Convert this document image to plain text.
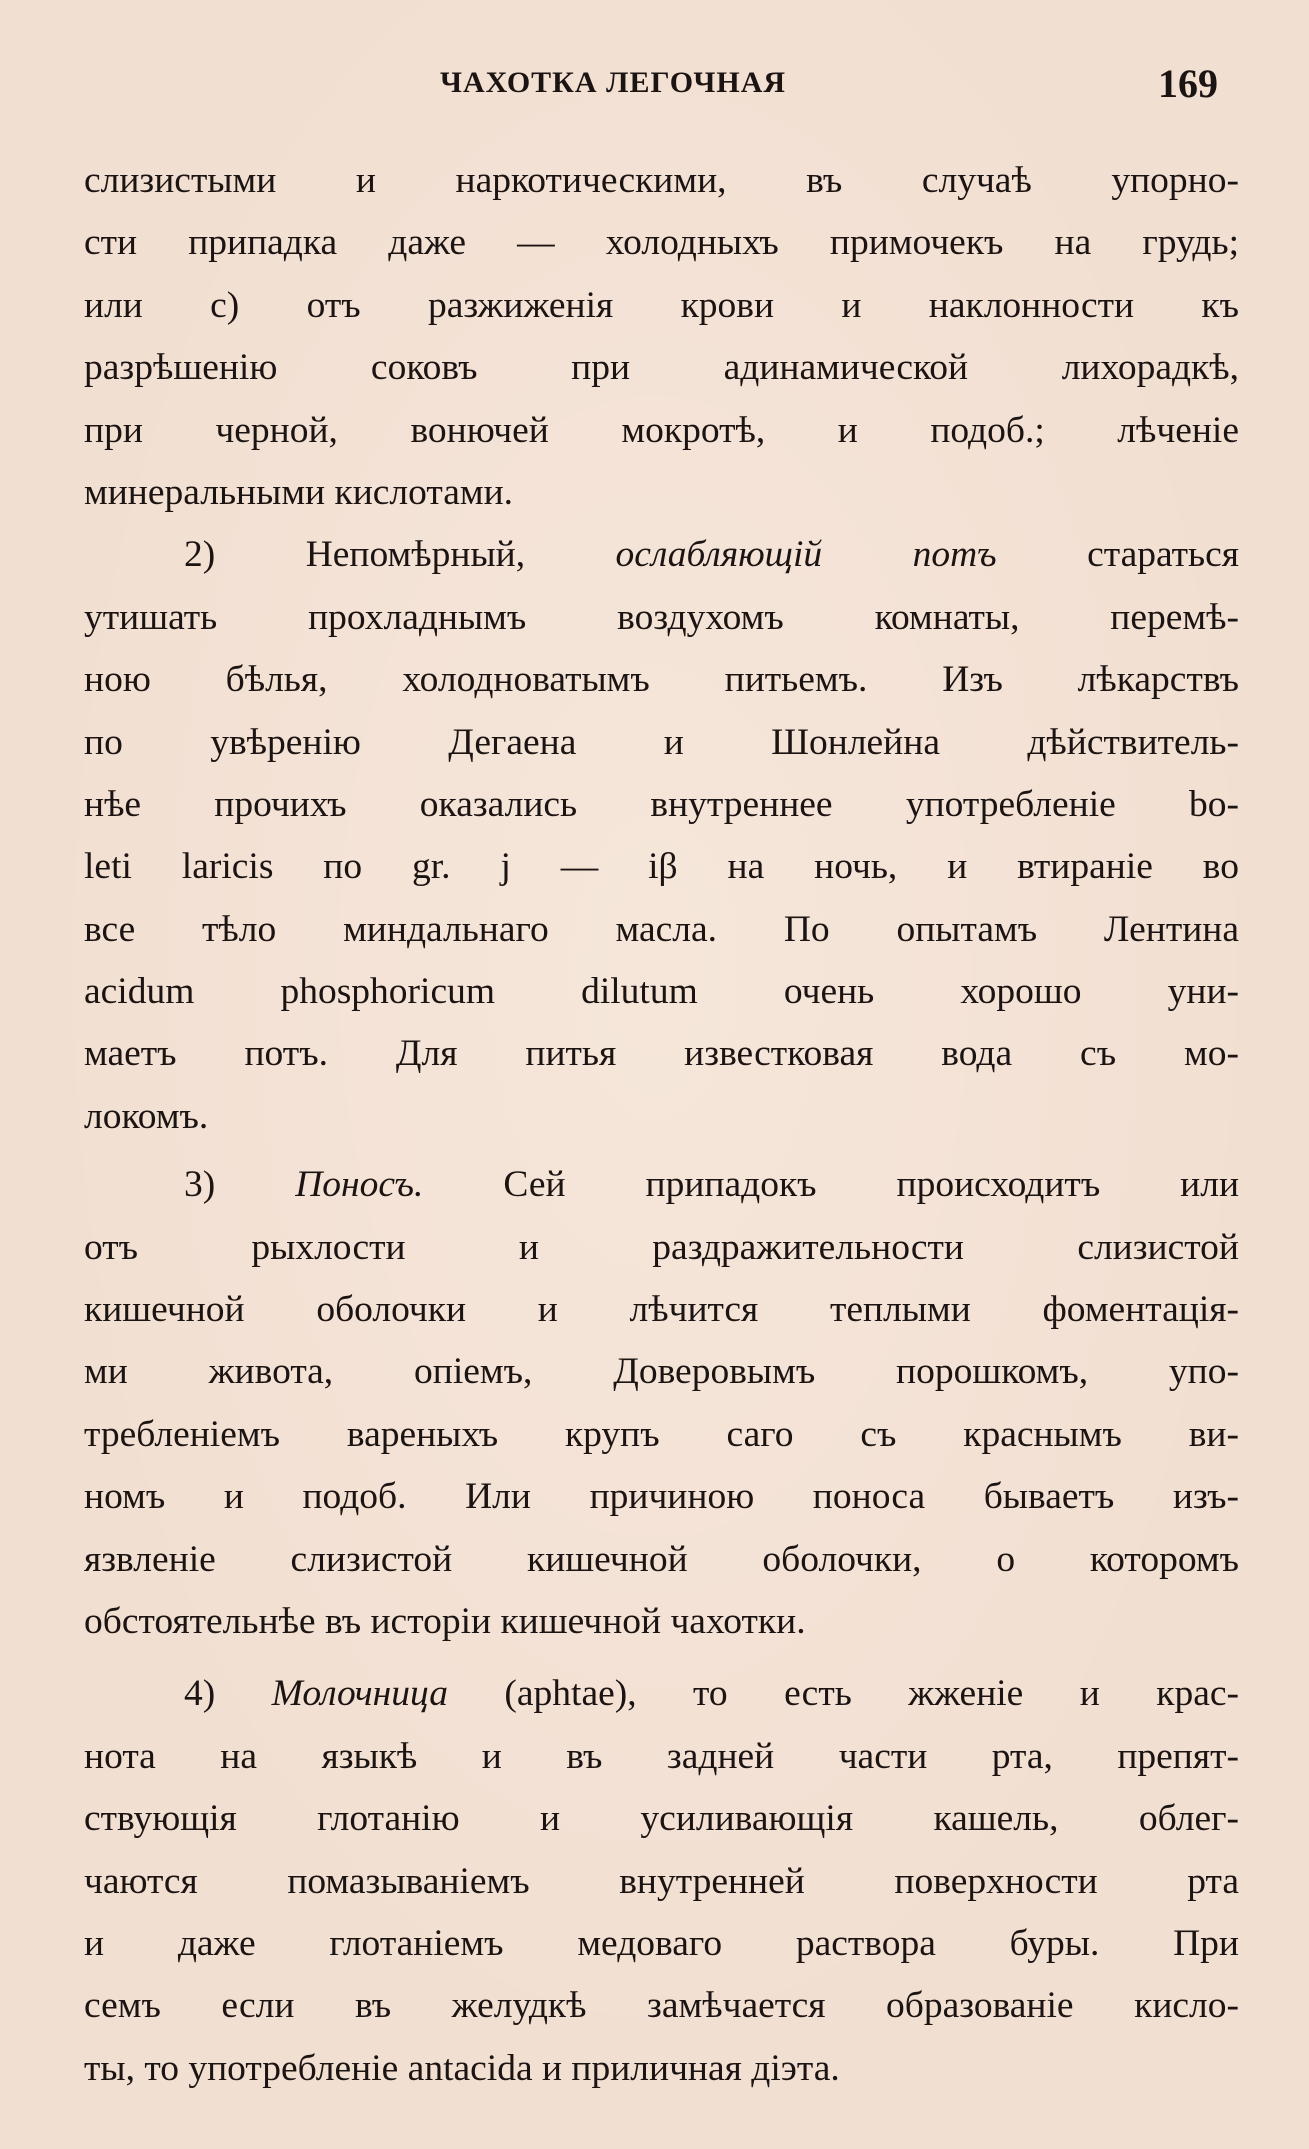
ЧАХОТКА ЛЕГОЧНАЯ	169
слизистыми и наркотическими, въ случаѣ упорно-
сти припадка даже — холодныхъ примочекъ на грудь;
или с) отъ разжиженія крови и наклонности къ
разрѣшенію соковъ при адинамической лихорадкѣ,
при черной, вонючей мокротѣ, и подоб.; лѣченіе
минеральными кислотами.
2) Непомѣрный, ослабляющій потъ стараться
утишать прохладнымъ воздухомъ комнаты, перемѣ-
ною бѣлья, холодноватымъ питьемъ. Изъ лѣкарствъ
по увѣренію Дегаена и Шонлейна дѣйствитель-
нѣе прочихъ оказались внутреннее употребленіе bo-
leti laricis по gr. j — iβ на ночь, и втираніе во
все тѣло миндальнаго масла. По опытамъ Лентина
acidum phosphoricum dilutum очень хорошо уни-
маетъ потъ. Для питья известковая вода съ мо-
локомъ.
3) Поносъ. Сей припадокъ происходитъ или
отъ рыхлости и раздражительности слизистой
кишечной оболочки и лѣчится теплыми фоментація-
ми живота, опіемъ, Доверовымъ порошкомъ, упо-
требленіемъ вареныхъ крупъ саго съ краснымъ ви-
номъ и подоб. Или причиною поноса бываетъ изъ-
язвленіе слизистой кишечной оболочки, о которомъ
обстоятельнѣе въ исторіи кишечной чахотки.
4) Молочница (aphtae), то есть жженіе и крас-
нота на языкѣ и въ задней части рта, препят-
ствующія глотанію и усиливающія кашель, облег-
чаются помазываніемъ внутренней поверхности рта
и даже глотаніемъ медоваго раствора буры. При
семъ если въ желудкѣ замѣчается образованіе кисло-
ты, то употребленіе antacida и приличная діэта.
